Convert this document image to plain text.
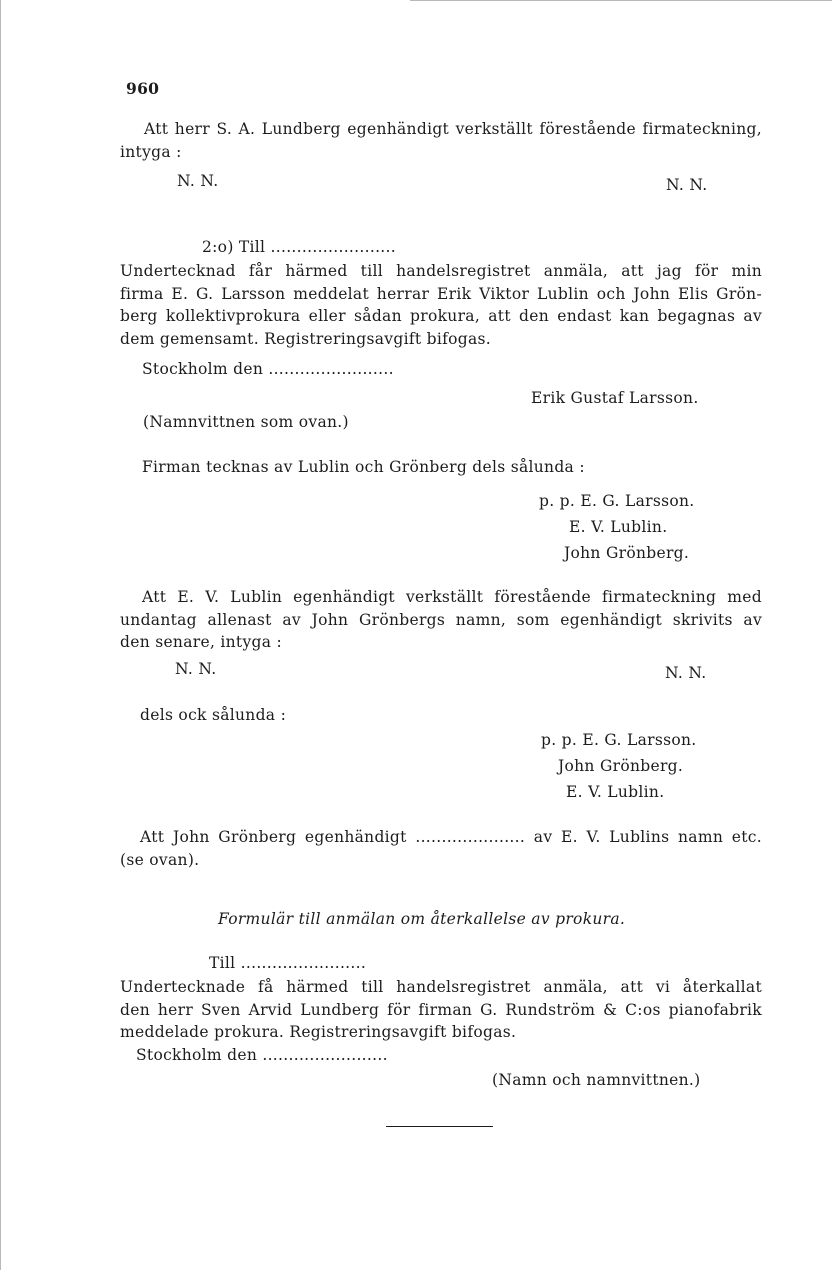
960
Att herr S. A. Lundberg egenhändigt verkställt förestående firmateckning,
intyga :
N. N.	N. N.
2:o) Till ........................
Undertecknad får härmed till handelsregistret anmäla, att jag för min
firma E. G. Larsson meddelat herrar Erik Viktor Lublin och John Elis Grön-
berg kollektivprokura eller sådan prokura, att den endast kan begagnas av
dem gemensamt. Registreringsavgift bifogas.
Stockholm den ........................
Erik Gustaf Larsson.
(Namnvittnen som ovan.)
Firman tecknas av Lublin och Grönberg dels sålunda :
p. p. E. G. Larsson.
E. V. Lublin.
John Grönberg.
Att E. V. Lublin egenhändigt verkställt förestående firmateckning med
undantag allenast av John Grönbergs namn, som egenhändigt skrivits av
den senare, intyga :
N. N.	N. N.
dels ock sålunda :
p. p. E. G. Larsson.
John Grönberg.
E. V. Lublin.
Att John Grönberg egenhändigt ..................... av E. V. Lublins namn etc.
(se ovan).
Formulär till anmälan om återkallelse av prokura.
Till ........................
Undertecknade få härmed till handelsregistret anmäla, att vi återkallat
den herr Sven Arvid Lundberg för firman G. Rundström & C:os pianofabrik
meddelade prokura. Registreringsavgift bifogas.
Stockholm den ........................
(Namn och namnvittnen.)
